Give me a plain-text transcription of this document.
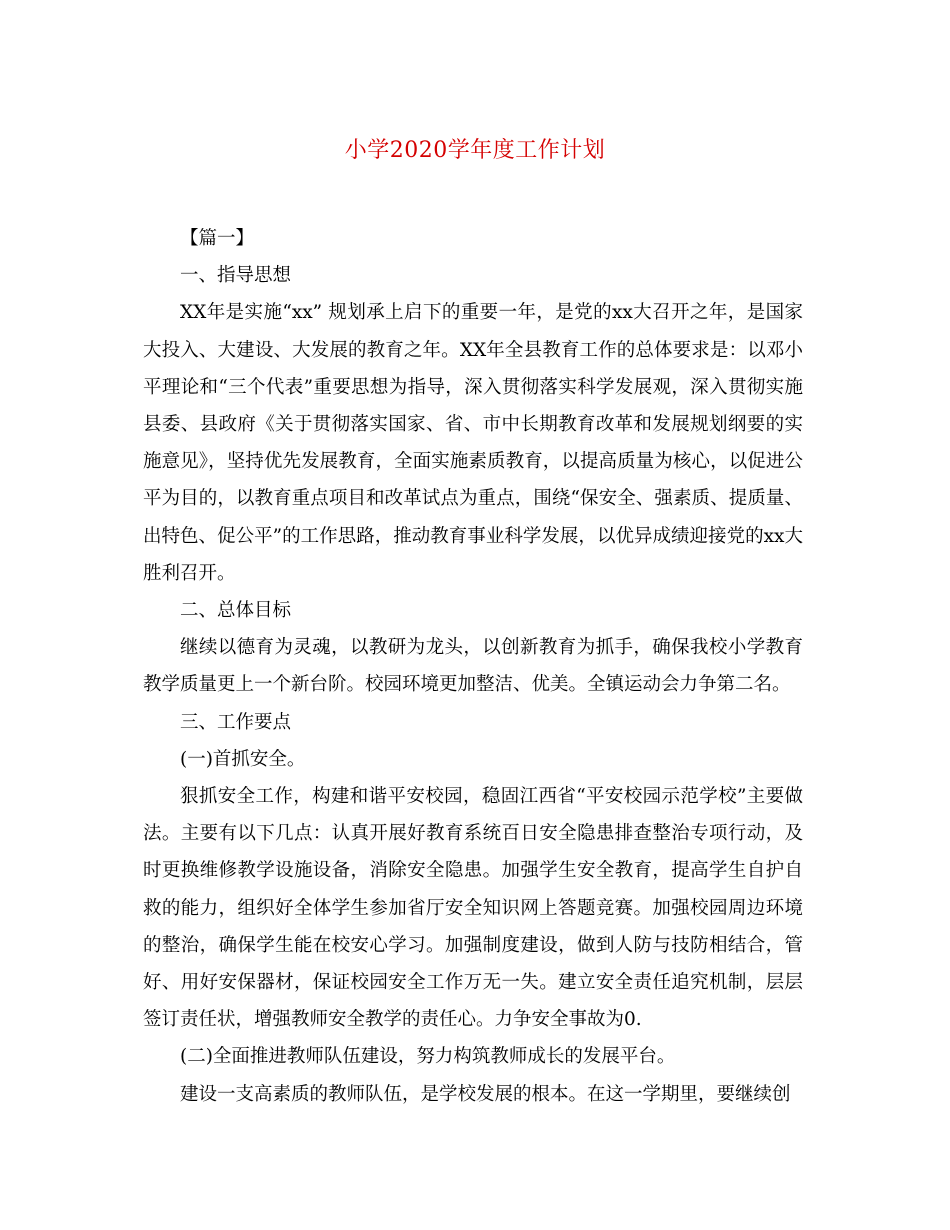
小学2020学年度工作计划

【篇一】

一、指导思想

XX年是实施“xx” 规划承上启下的重要一年，是党的xx大召开之年，是国家大投入、大建设、大发展的教育之年。XX年全县教育工作的总体要求是：以邓小平理论和“三个代表”重要思想为指导，深入贯彻落实科学发展观，深入贯彻实施县委、县政府《关于贯彻落实国家、省、市中长期教育改革和发展规划纲要的实施意见》，坚持优先发展教育，全面实施素质教育，以提高质量为核心，以促进公平为目的，以教育重点项目和改革试点为重点，围绕“保安全、强素质、提质量、出特色、促公平”的工作思路，推动教育事业科学发展，以优异成绩迎接党的xx大胜利召开。

二、总体目标

继续以德育为灵魂，以教研为龙头，以创新教育为抓手，确保我校小学教育教学质量更上一个新台阶。校园环境更加整洁、优美。全镇运动会力争第二名。

三、工作要点

(一)首抓安全。

狠抓安全工作，构建和谐平安校园，稳固江西省“平安校园示范学校”主要做法。主要有以下几点：认真开展好教育系统百日安全隐患排查整治专项行动，及时更换维修教学设施设备，消除安全隐患。加强学生安全教育，提高学生自护自救的能力，组织好全体学生参加省厅安全知识网上答题竞赛。加强校园周边环境的整治，确保学生能在校安心学习。加强制度建设，做到人防与技防相结合，管好、用好安保器材，保证校园安全工作万无一失。建立安全责任追究机制，层层签订责任状，增强教师安全教学的责任心。力争安全事故为0.

(二)全面推进教师队伍建设，努力构筑教师成长的发展平台。

建设一支高素质的教师队伍，是学校发展的根本。在这一学期里，要继续创
